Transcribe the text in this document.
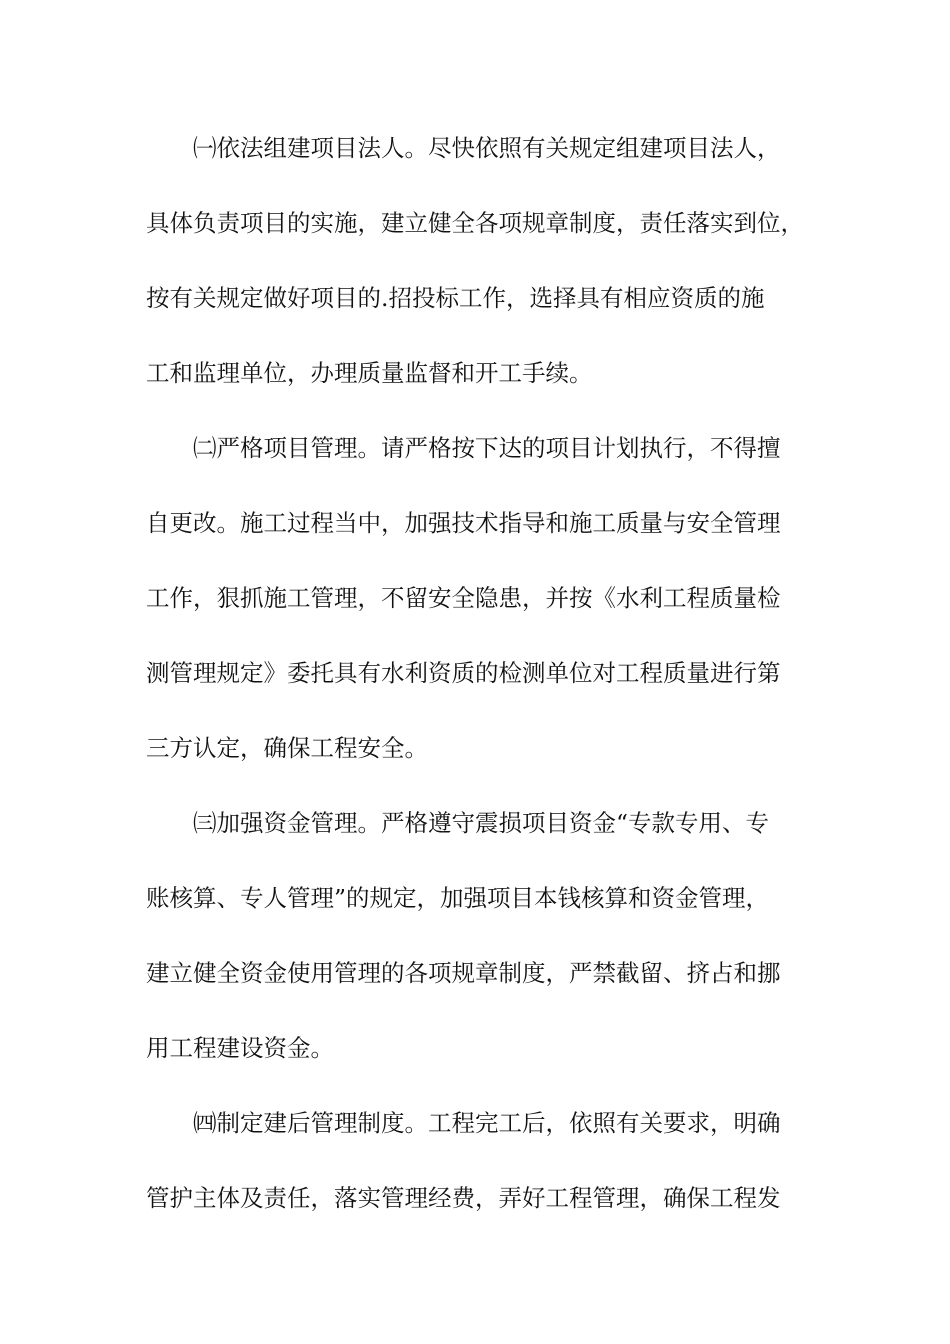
　　㈠依法组建项目法人。尽快依照有关规定组建项目法人，
具体负责项目的实施，建立健全各项规章制度，责任落实到位，
按有关规定做好项目的.招投标工作，选择具有相应资质的施
工和监理单位，办理质量监督和开工手续。
　　㈡严格项目管理。请严格按下达的项目计划执行，不得擅
自更改。施工过程当中，加强技术指导和施工质量与安全管理
工作，狠抓施工管理，不留安全隐患，并按《水利工程质量检
测管理规定》委托具有水利资质的检测单位对工程质量进行第
三方认定，确保工程安全。
　　㈢加强资金管理。严格遵守震损项目资金“专款专用、专
账核算、专人管理”的规定，加强项目本钱核算和资金管理，
建立健全资金使用管理的各项规章制度，严禁截留、挤占和挪
用工程建设资金。
　　㈣制定建后管理制度。工程完工后，依照有关要求，明确
管护主体及责任，落实管理经费，弄好工程管理，确保工程发
